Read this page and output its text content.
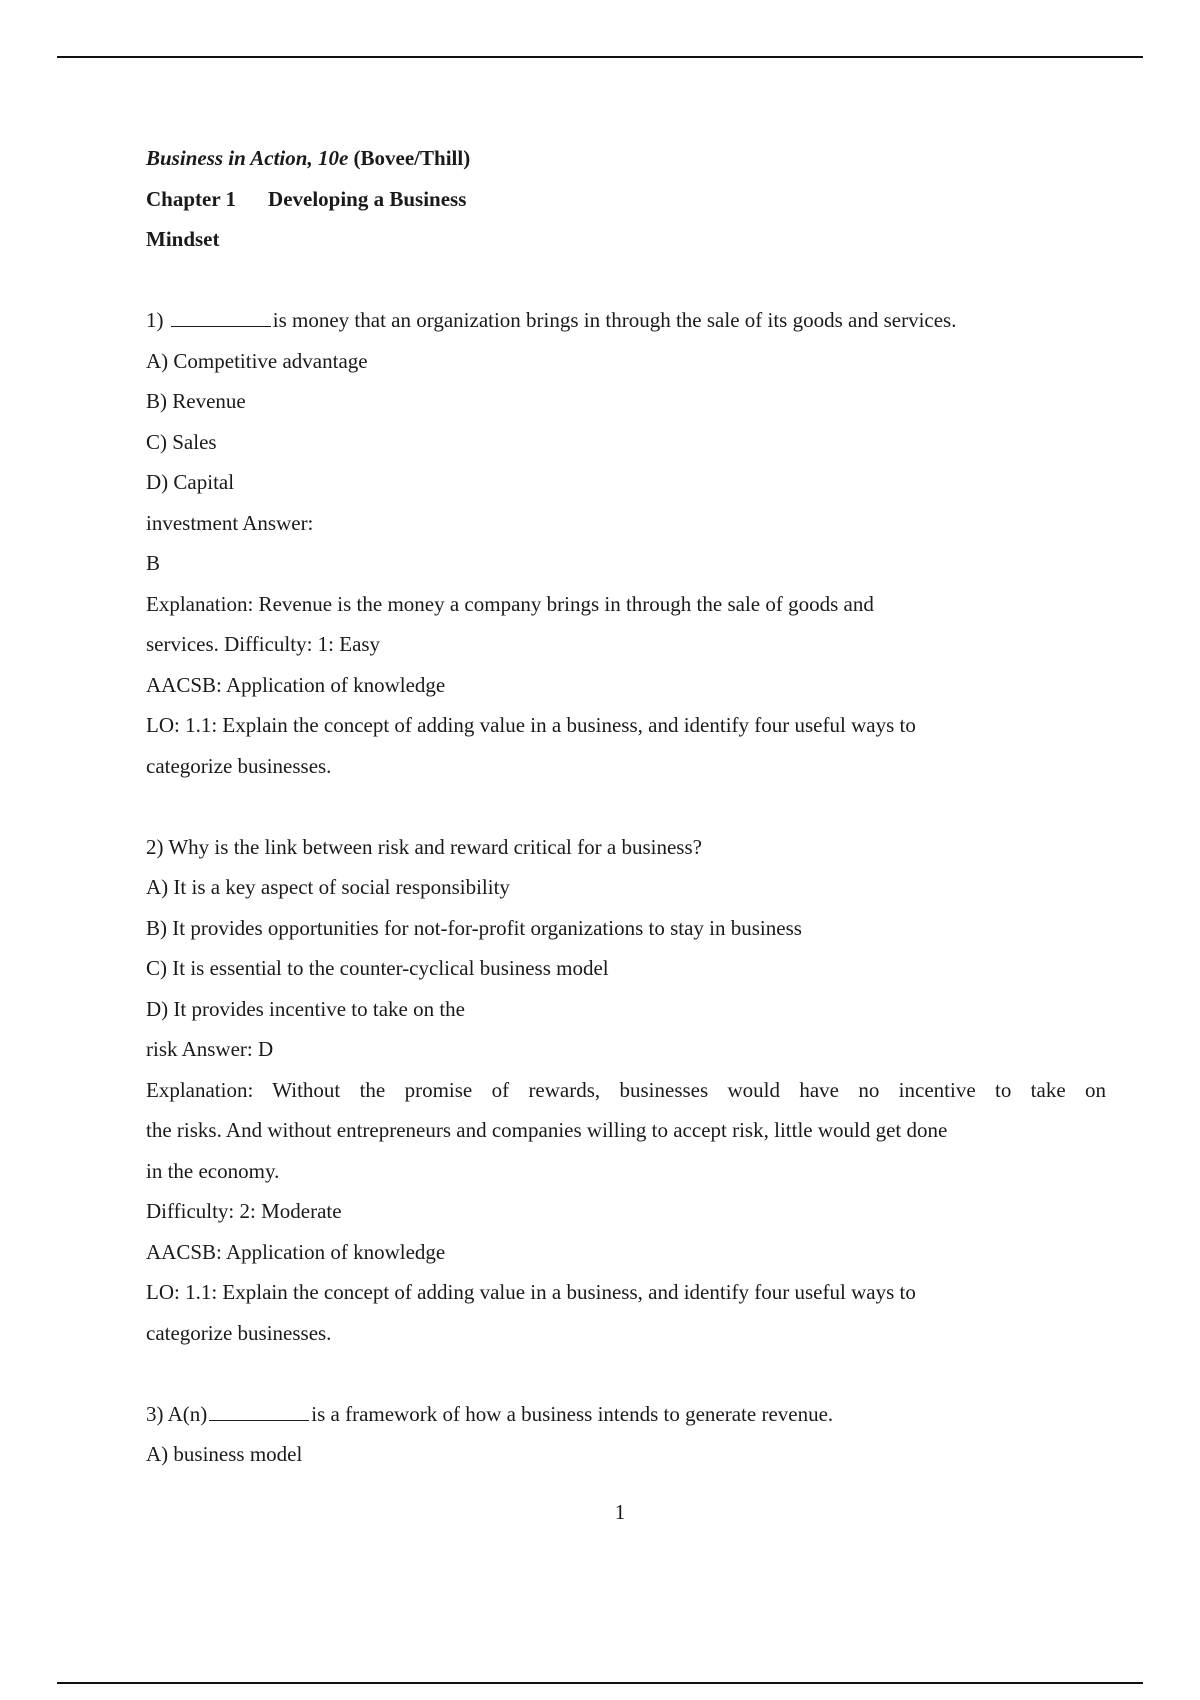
Business in Action, 10e (Bovee/Thill)
Chapter 1 Developing a Business
Mindset
1)	is money that an organization brings in through the sale of its goods and services.
A) Competitive advantage
B) Revenue
C) Sales
D) Capital
investment Answer:
B
Explanation: Revenue is the money a company brings in through the sale of goods and
services. Difficulty: 1: Easy
AACSB: Application of knowledge
LO: 1.1: Explain the concept of adding value in a business, and identify four useful ways to
categorize businesses.
2) Why is the link between risk and reward critical for a business?
A) It is a key aspect of social responsibility
B) It provides opportunities for not-for-profit organizations to stay in business
C) It is essential to the counter-cyclical business model
D) It provides incentive to take on the
risk Answer: D
Explanation: Without the promise of rewards, businesses would have no incentive to take on
the risks. And without entrepreneurs and companies willing to accept risk, little would get done
in the economy.
Difficulty: 2: Moderate
AACSB: Application of knowledge
LO: 1.1: Explain the concept of adding value in a business, and identify four useful ways to
categorize businesses.
3) A(n)	is a framework of how a business intends to generate revenue.
A) business model
1
